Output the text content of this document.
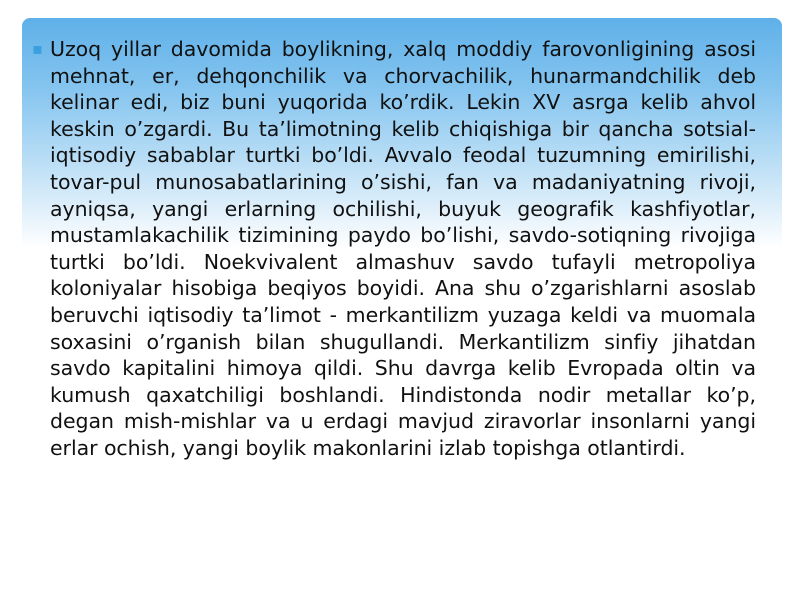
▪ Uzoq yillar davomida boylikning, xalq moddiy farovonligining asosi mehnat, er, dehqonchilik va chorvachilik, hunarmandchilik deb kelinar edi, biz buni yuqorida ko’rdik. Lekin XV asrga kelib ahvol keskin o’zgardi. Bu ta’limotning kelib chiqishiga bir qancha sotsial-iqtisodiy sabablar turtki bo’ldi. Avvalo feodal tuzumning emirilishi, tovar-pul munosabatlarining o’sishi, fan va madaniyatning rivoji, ayniqsa, yangi erlarning ochilishi, buyuk geografik kashfiyotlar, mustamlakachilik tizimining paydo bo’lishi, savdo-sotiqning rivojiga turtki bo’ldi. Noekvivalent almashuv savdo tufayli metropoliya koloniyalar hisobiga beqiyos boyidi. Ana shu o’zgarishlarni asoslab beruvchi iqtisodiy ta’limot - merkantilizm yuzaga keldi va muomala soxasini o’rganish bilan shugullandi. Merkantilizm sinfiy jihatdan savdo kapitalini himoya qildi. Shu davrga kelib Evropada oltin va kumush qaxatchiligi boshlandi. Hindistonda nodir metallar ko’p, degan mish-mishlar va u erdagi mavjud ziravorlar insonlarni yangi erlar ochish, yangi boylik makonlarini izlab topishga otlantirdi.
